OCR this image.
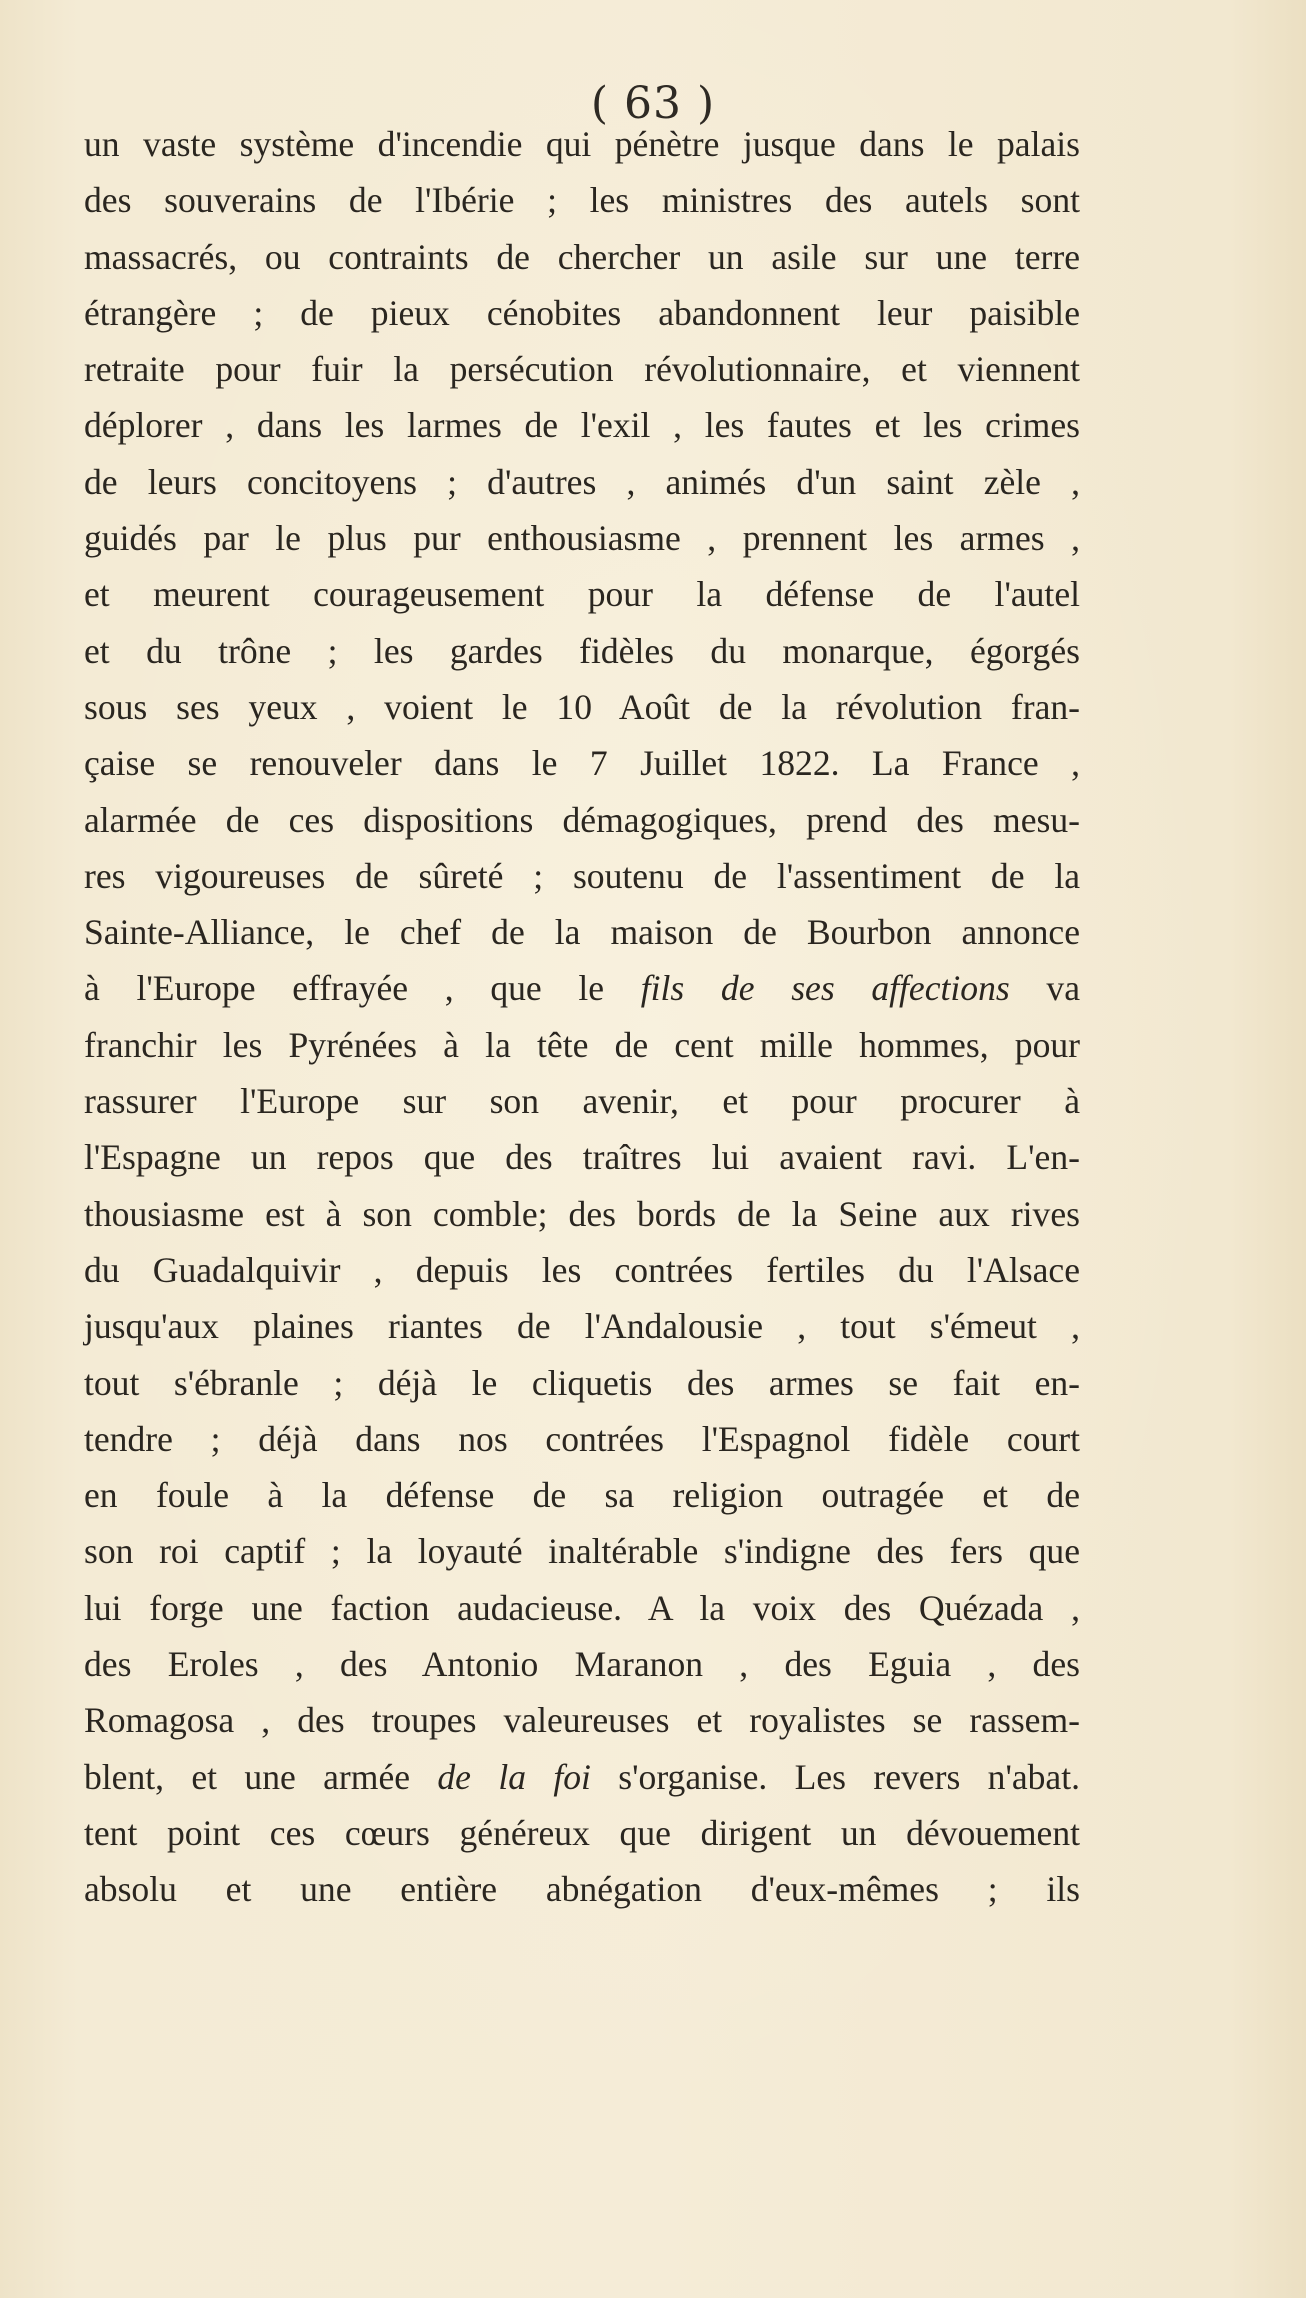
( 63 )
un vaste système d'incendie qui pénètre jusque dans le palais
des souverains de l'Ibérie ; les ministres des autels sont
massacrés, ou contraints de chercher un asile sur une terre
étrangère ; de pieux cénobites abandonnent leur paisible
retraite pour fuir la persécution révolutionnaire, et viennent
déplorer , dans les larmes de l'exil , les fautes et les crimes
de leurs concitoyens ; d'autres , animés d'un saint zèle ,
guidés par le plus pur enthousiasme , prennent les armes ,
et meurent courageusement pour la défense de l'autel
et du trône ; les gardes fidèles du monarque, égorgés
sous ses yeux , voient le 10 Août de la révolution fran-
çaise se renouveler dans le 7 Juillet 1822. La France ,
alarmée de ces dispositions démagogiques, prend des mesu-
res vigoureuses de sûreté ; soutenu de l'assentiment de la
Sainte-Alliance, le chef de la maison de Bourbon annonce
à l'Europe effrayée , que le fils de ses affections va
franchir les Pyrénées à la tête de cent mille hommes, pour
rassurer l'Europe sur son avenir, et pour procurer à
l'Espagne un repos que des traîtres lui avaient ravi. L'en-
thousiasme est à son comble; des bords de la Seine aux rives
du Guadalquivir , depuis les contrées fertiles du l'Alsace
jusqu'aux plaines riantes de l'Andalousie , tout s'émeut ,
tout s'ébranle ; déjà le cliquetis des armes se fait en-
tendre ; déjà dans nos contrées l'Espagnol fidèle court
en foule à la défense de sa religion outragée et de
son roi captif ; la loyauté inaltérable s'indigne des fers que
lui forge une faction audacieuse. A la voix des Quézada ,
des Eroles , des Antonio Maranon , des Eguia , des
Romagosa , des troupes valeureuses et royalistes se rassem-
blent, et une armée de la foi s'organise. Les revers n'abat.
tent point ces cœurs généreux que dirigent un dévouement
absolu et une entière abnégation d'eux-mêmes ; ils
